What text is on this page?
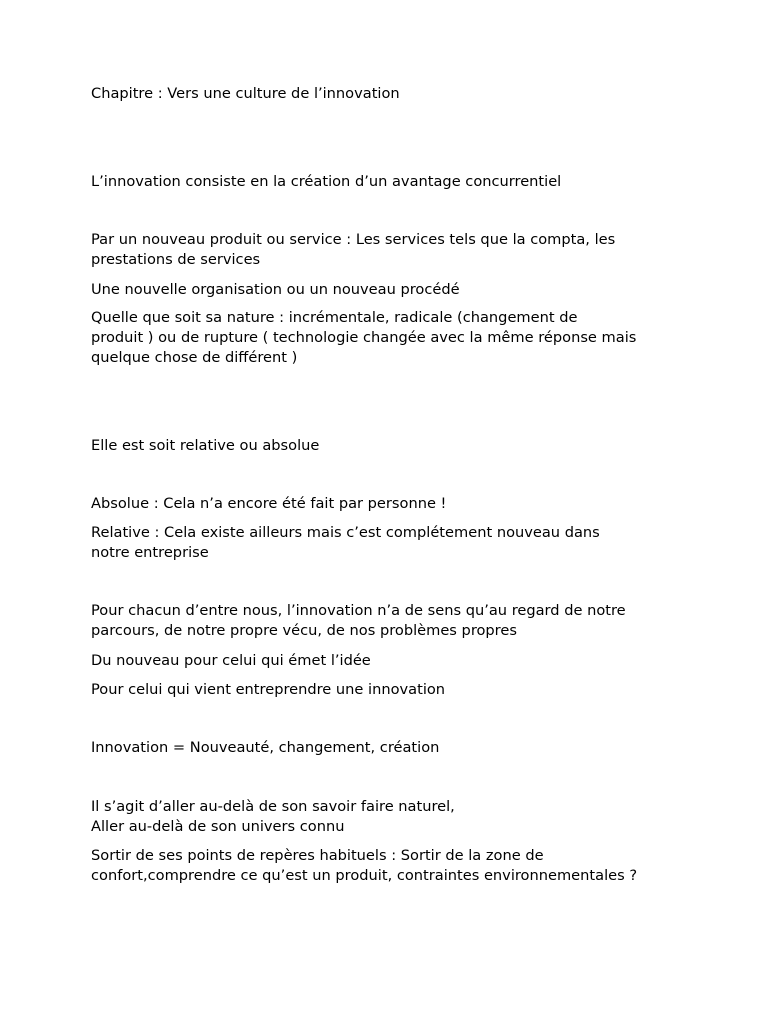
Chapitre : Vers une culture de l’innovation

L’innovation consiste en la création d’un avantage concurrentiel

Par un nouveau produit ou service : Les services tels que la compta, les
prestations de services

Une nouvelle organisation ou un nouveau procédé

Quelle que soit sa nature : incrémentale, radicale (changement de
produit ) ou de rupture ( technologie changée avec la même réponse mais
quelque chose de différent )

Elle est soit relative ou absolue

Absolue : Cela n’a encore été fait par personne !

Relative : Cela existe ailleurs mais c’est complétement nouveau dans
notre entreprise

Pour chacun d’entre nous, l’innovation n’a de sens qu’au regard de notre
parcours, de notre propre vécu, de nos problèmes propres

Du nouveau pour celui qui émet l’idée

Pour celui qui vient entreprendre une innovation

Innovation = Nouveauté, changement, création

Il s’agit d’aller au-delà de son savoir faire naturel,
Aller au-delà de son univers connu

Sortir de ses points de repères habituels : Sortir de la zone de
confort,comprendre ce qu’est un produit, contraintes environnementales ?
